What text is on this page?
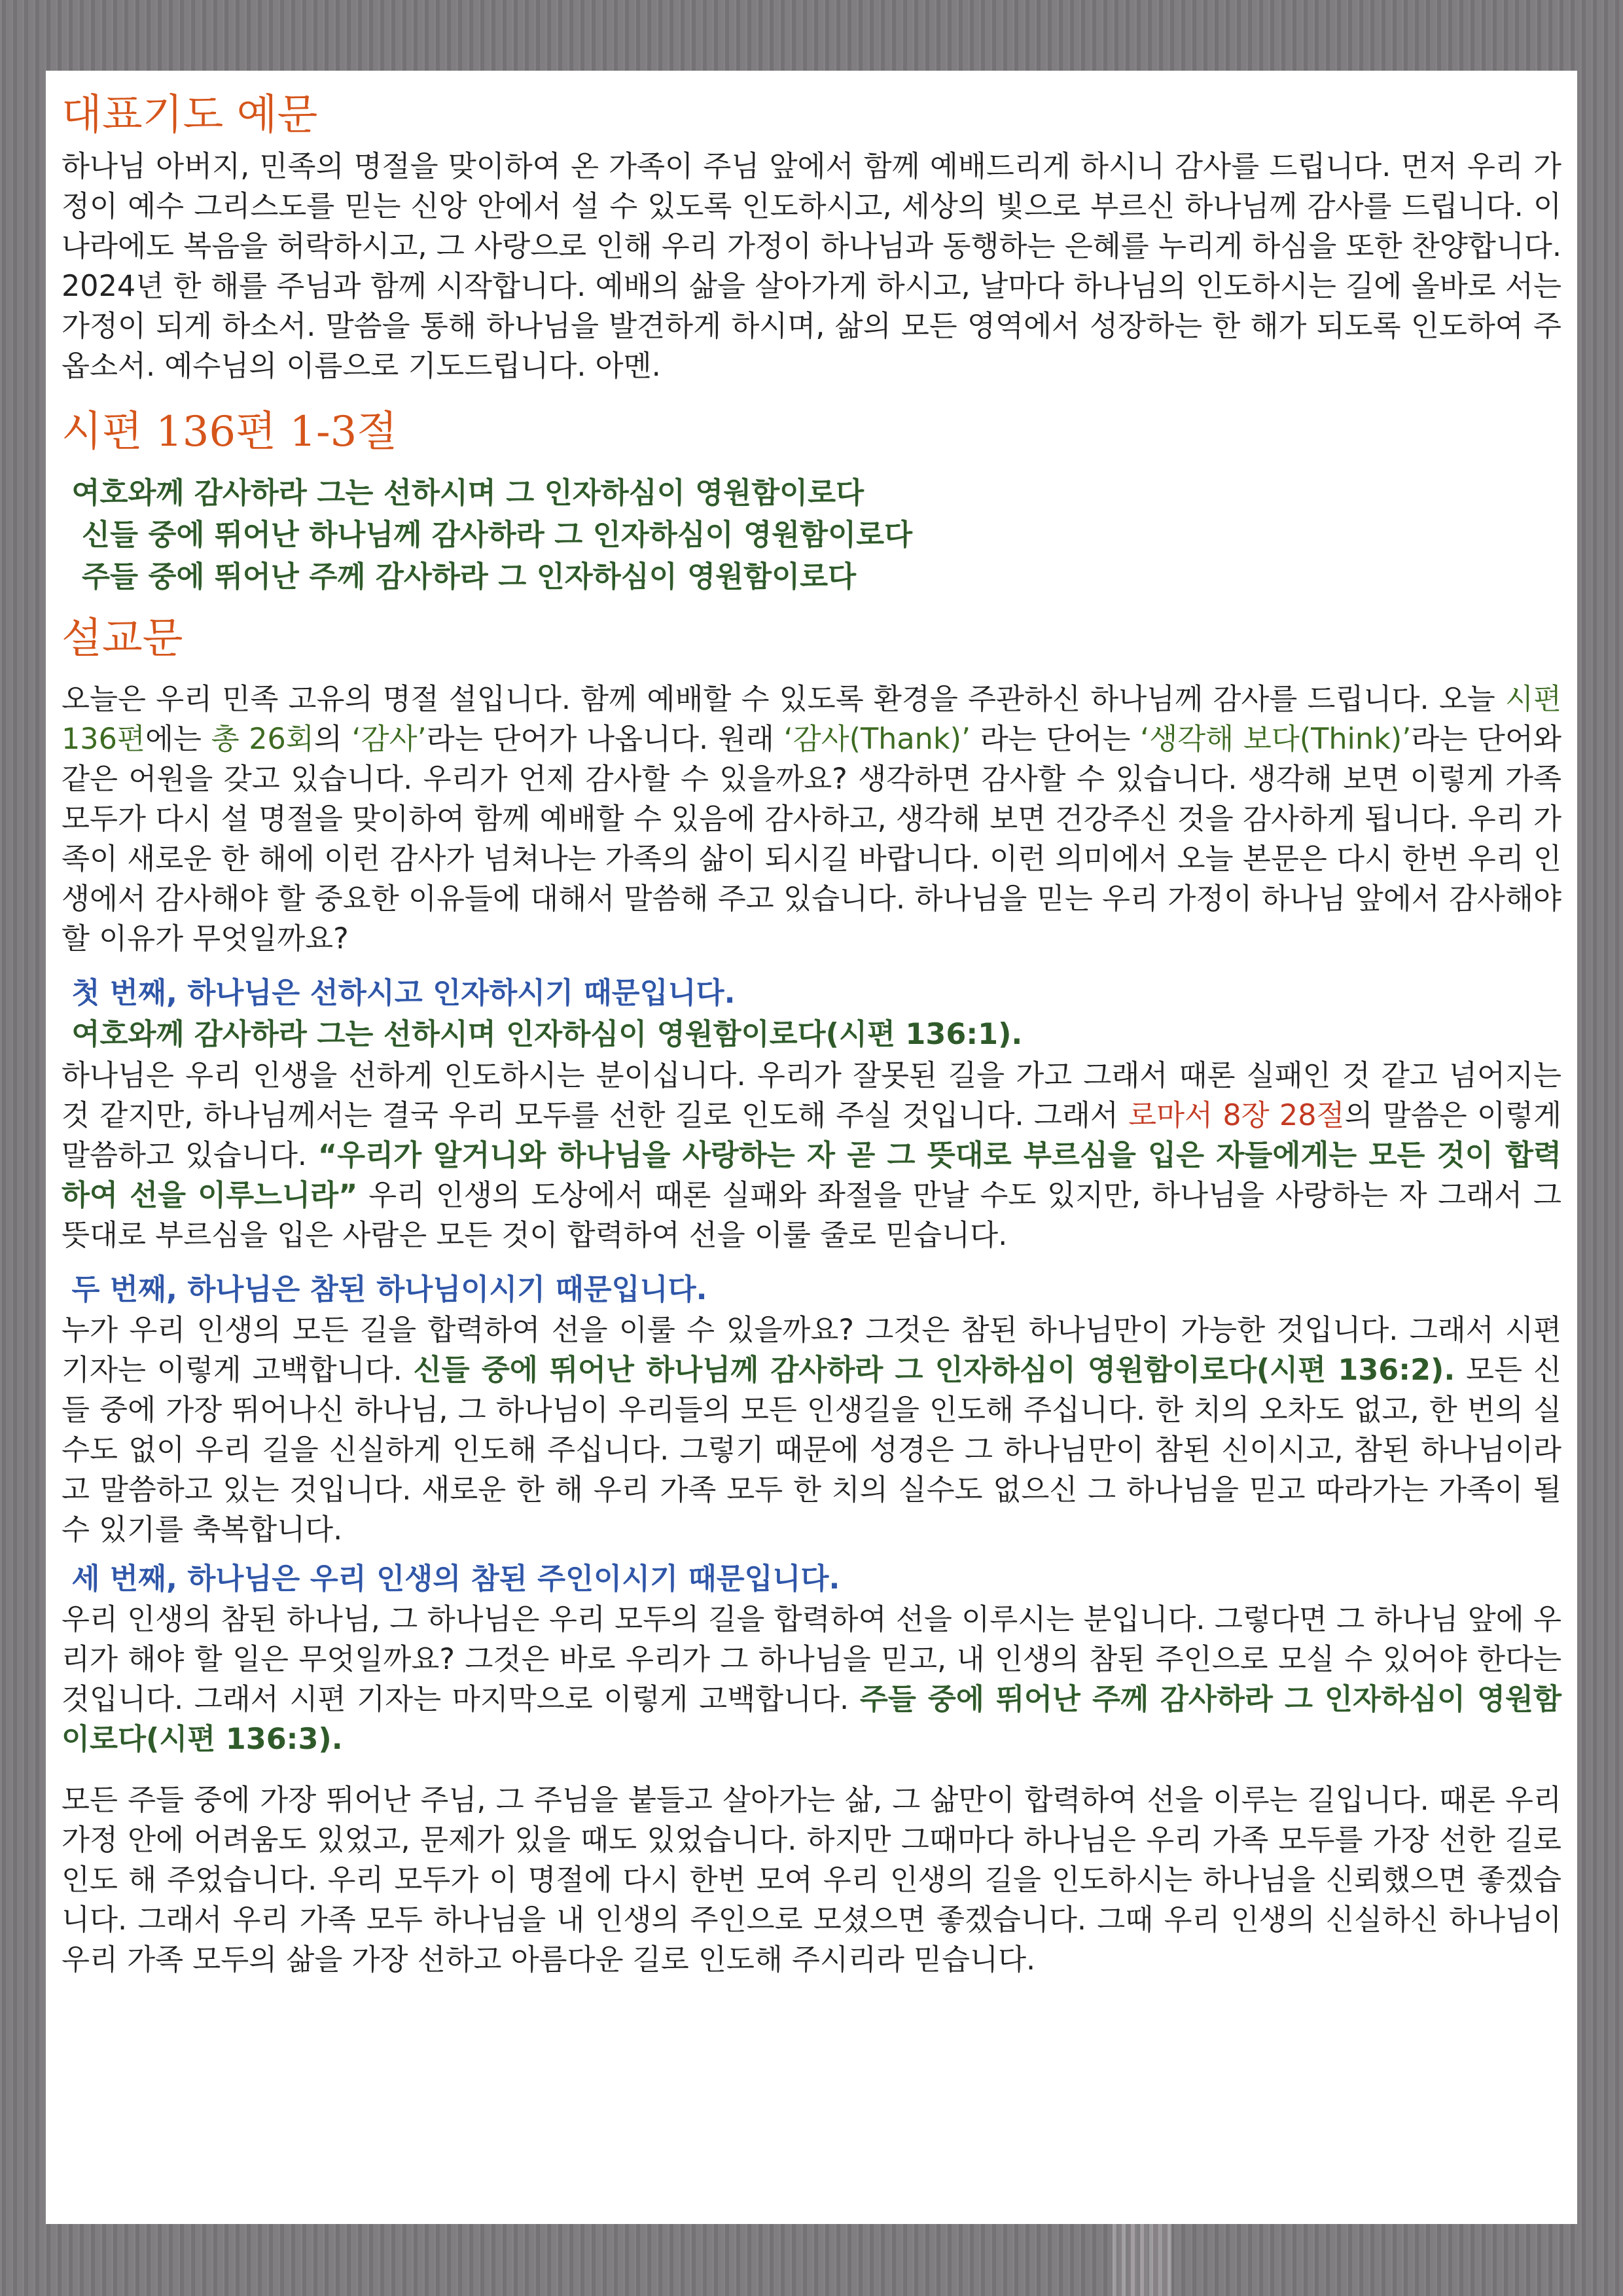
대표기도 예문

하나님 아버지, 민족의 명절을 맞이하여 온 가족이 주님 앞에서 함께 예배드리게 하시니 감사를 드립니다. 먼저 우리 가정이 예수 그리스도를 믿는 신앙 안에서 설 수 있도록 인도하시고, 세상의 빛으로 부르신 하나님께 감사를 드립니다. 이 나라에도 복음을 허락하시고, 그 사랑으로 인해 우리 가정이 하나님과 동행하는 은혜를 누리게 하심을 또한 찬양합니다. 2024년 한 해를 주님과 함께 시작합니다. 예배의 삶을 살아가게 하시고, 날마다 하나님의 인도하시는 길에 올바로 서는 가정이 되게 하소서. 말씀을 통해 하나님을 발견하게 하시며, 삶의 모든 영역에서 성장하는 한 해가 되도록 인도하여 주옵소서. 예수님의 이름으로 기도드립니다. 아멘.

시편 136편 1-3절

여호와께 감사하라 그는 선하시며 그 인자하심이 영원함이로다

신들 중에 뛰어난 하나님께 감사하라 그 인자하심이 영원함이로다

주들 중에 뛰어난 주께 감사하라 그 인자하심이 영원함이로다

설교문

오늘은 우리 민족 고유의 명절 설입니다. 함께 예배할 수 있도록 환경을 주관하신 하나님께 감사를 드립니다. 오늘 시편 136편에는 총 26회의 ‘감사’라는 단어가 나옵니다. 원래 ‘감사(Thank)’ 라는 단어는 ‘생각해 보다(Think)’라는 단어와 같은 어원을 갖고 있습니다. 우리가 언제 감사할 수 있을까요? 생각하면 감사할 수 있습니다. 생각해 보면 이렇게 가족 모두가 다시 설 명절을 맞이하여 함께 예배할 수 있음에 감사하고, 생각해 보면 건강주신 것을 감사하게 됩니다. 우리 가족이 새로운 한 해에 이런 감사가 넘쳐나는 가족의 삶이 되시길 바랍니다. 이런 의미에서 오늘 본문은 다시 한번 우리 인생에서 감사해야 할 중요한 이유들에 대해서 말씀해 주고 있습니다. 하나님을 믿는 우리 가정이 하나님 앞에서 감사해야 할 이유가 무엇일까요?

첫 번째, 하나님은 선하시고 인자하시기 때문입니다.

여호와께 감사하라 그는 선하시며 인자하심이 영원함이로다(시편 136:1).

하나님은 우리 인생을 선하게 인도하시는 분이십니다. 우리가 잘못된 길을 가고 그래서 때론 실패인 것 같고 넘어지는 것 같지만, 하나님께서는 결국 우리 모두를 선한 길로 인도해 주실 것입니다. 그래서 로마서 8장 28절의 말씀은 이렇게 말씀하고 있습니다. “우리가 알거니와 하나님을 사랑하는 자 곧 그 뜻대로 부르심을 입은 자들에게는 모든 것이 합력하여 선을 이루느니라” 우리 인생의 도상에서 때론 실패와 좌절을 만날 수도 있지만, 하나님을 사랑하는 자 그래서 그 뜻대로 부르심을 입은 사람은 모든 것이 합력하여 선을 이룰 줄로 믿습니다.

두 번째, 하나님은 참된 하나님이시기 때문입니다.

누가 우리 인생의 모든 길을 합력하여 선을 이룰 수 있을까요? 그것은 참된 하나님만이 가능한 것입니다. 그래서 시편 기자는 이렇게 고백합니다. 신들 중에 뛰어난 하나님께 감사하라 그 인자하심이 영원함이로다(시편 136:2). 모든 신들 중에 가장 뛰어나신 하나님, 그 하나님이 우리들의 모든 인생길을 인도해 주십니다. 한 치의 오차도 없고, 한 번의 실수도 없이 우리 길을 신실하게 인도해 주십니다. 그렇기 때문에 성경은 그 하나님만이 참된 신이시고, 참된 하나님이라고 말씀하고 있는 것입니다. 새로운 한 해 우리 가족 모두 한 치의 실수도 없으신 그 하나님을 믿고 따라가는 가족이 될 수 있기를 축복합니다.

세 번째, 하나님은 우리 인생의 참된 주인이시기 때문입니다.

우리 인생의 참된 하나님, 그 하나님은 우리 모두의 길을 합력하여 선을 이루시는 분입니다. 그렇다면 그 하나님 앞에 우리가 해야 할 일은 무엇일까요? 그것은 바로 우리가 그 하나님을 믿고, 내 인생의 참된 주인으로 모실 수 있어야 한다는 것입니다. 그래서 시편 기자는 마지막으로 이렇게 고백합니다. 주들 중에 뛰어난 주께 감사하라 그 인자하심이 영원함이로다(시편 136:3).

모든 주들 중에 가장 뛰어난 주님, 그 주님을 붙들고 살아가는 삶, 그 삶만이 합력하여 선을 이루는 길입니다. 때론 우리 가정 안에 어려움도 있었고, 문제가 있을 때도 있었습니다. 하지만 그때마다 하나님은 우리 가족 모두를 가장 선한 길로 인도 해 주었습니다. 우리 모두가 이 명절에 다시 한번 모여 우리 인생의 길을 인도하시는 하나님을 신뢰했으면 좋겠습니다. 그래서 우리 가족 모두 하나님을 내 인생의 주인으로 모셨으면 좋겠습니다. 그때 우리 인생의 신실하신 하나님이 우리 가족 모두의 삶을 가장 선하고 아름다운 길로 인도해 주시리라 믿습니다.
